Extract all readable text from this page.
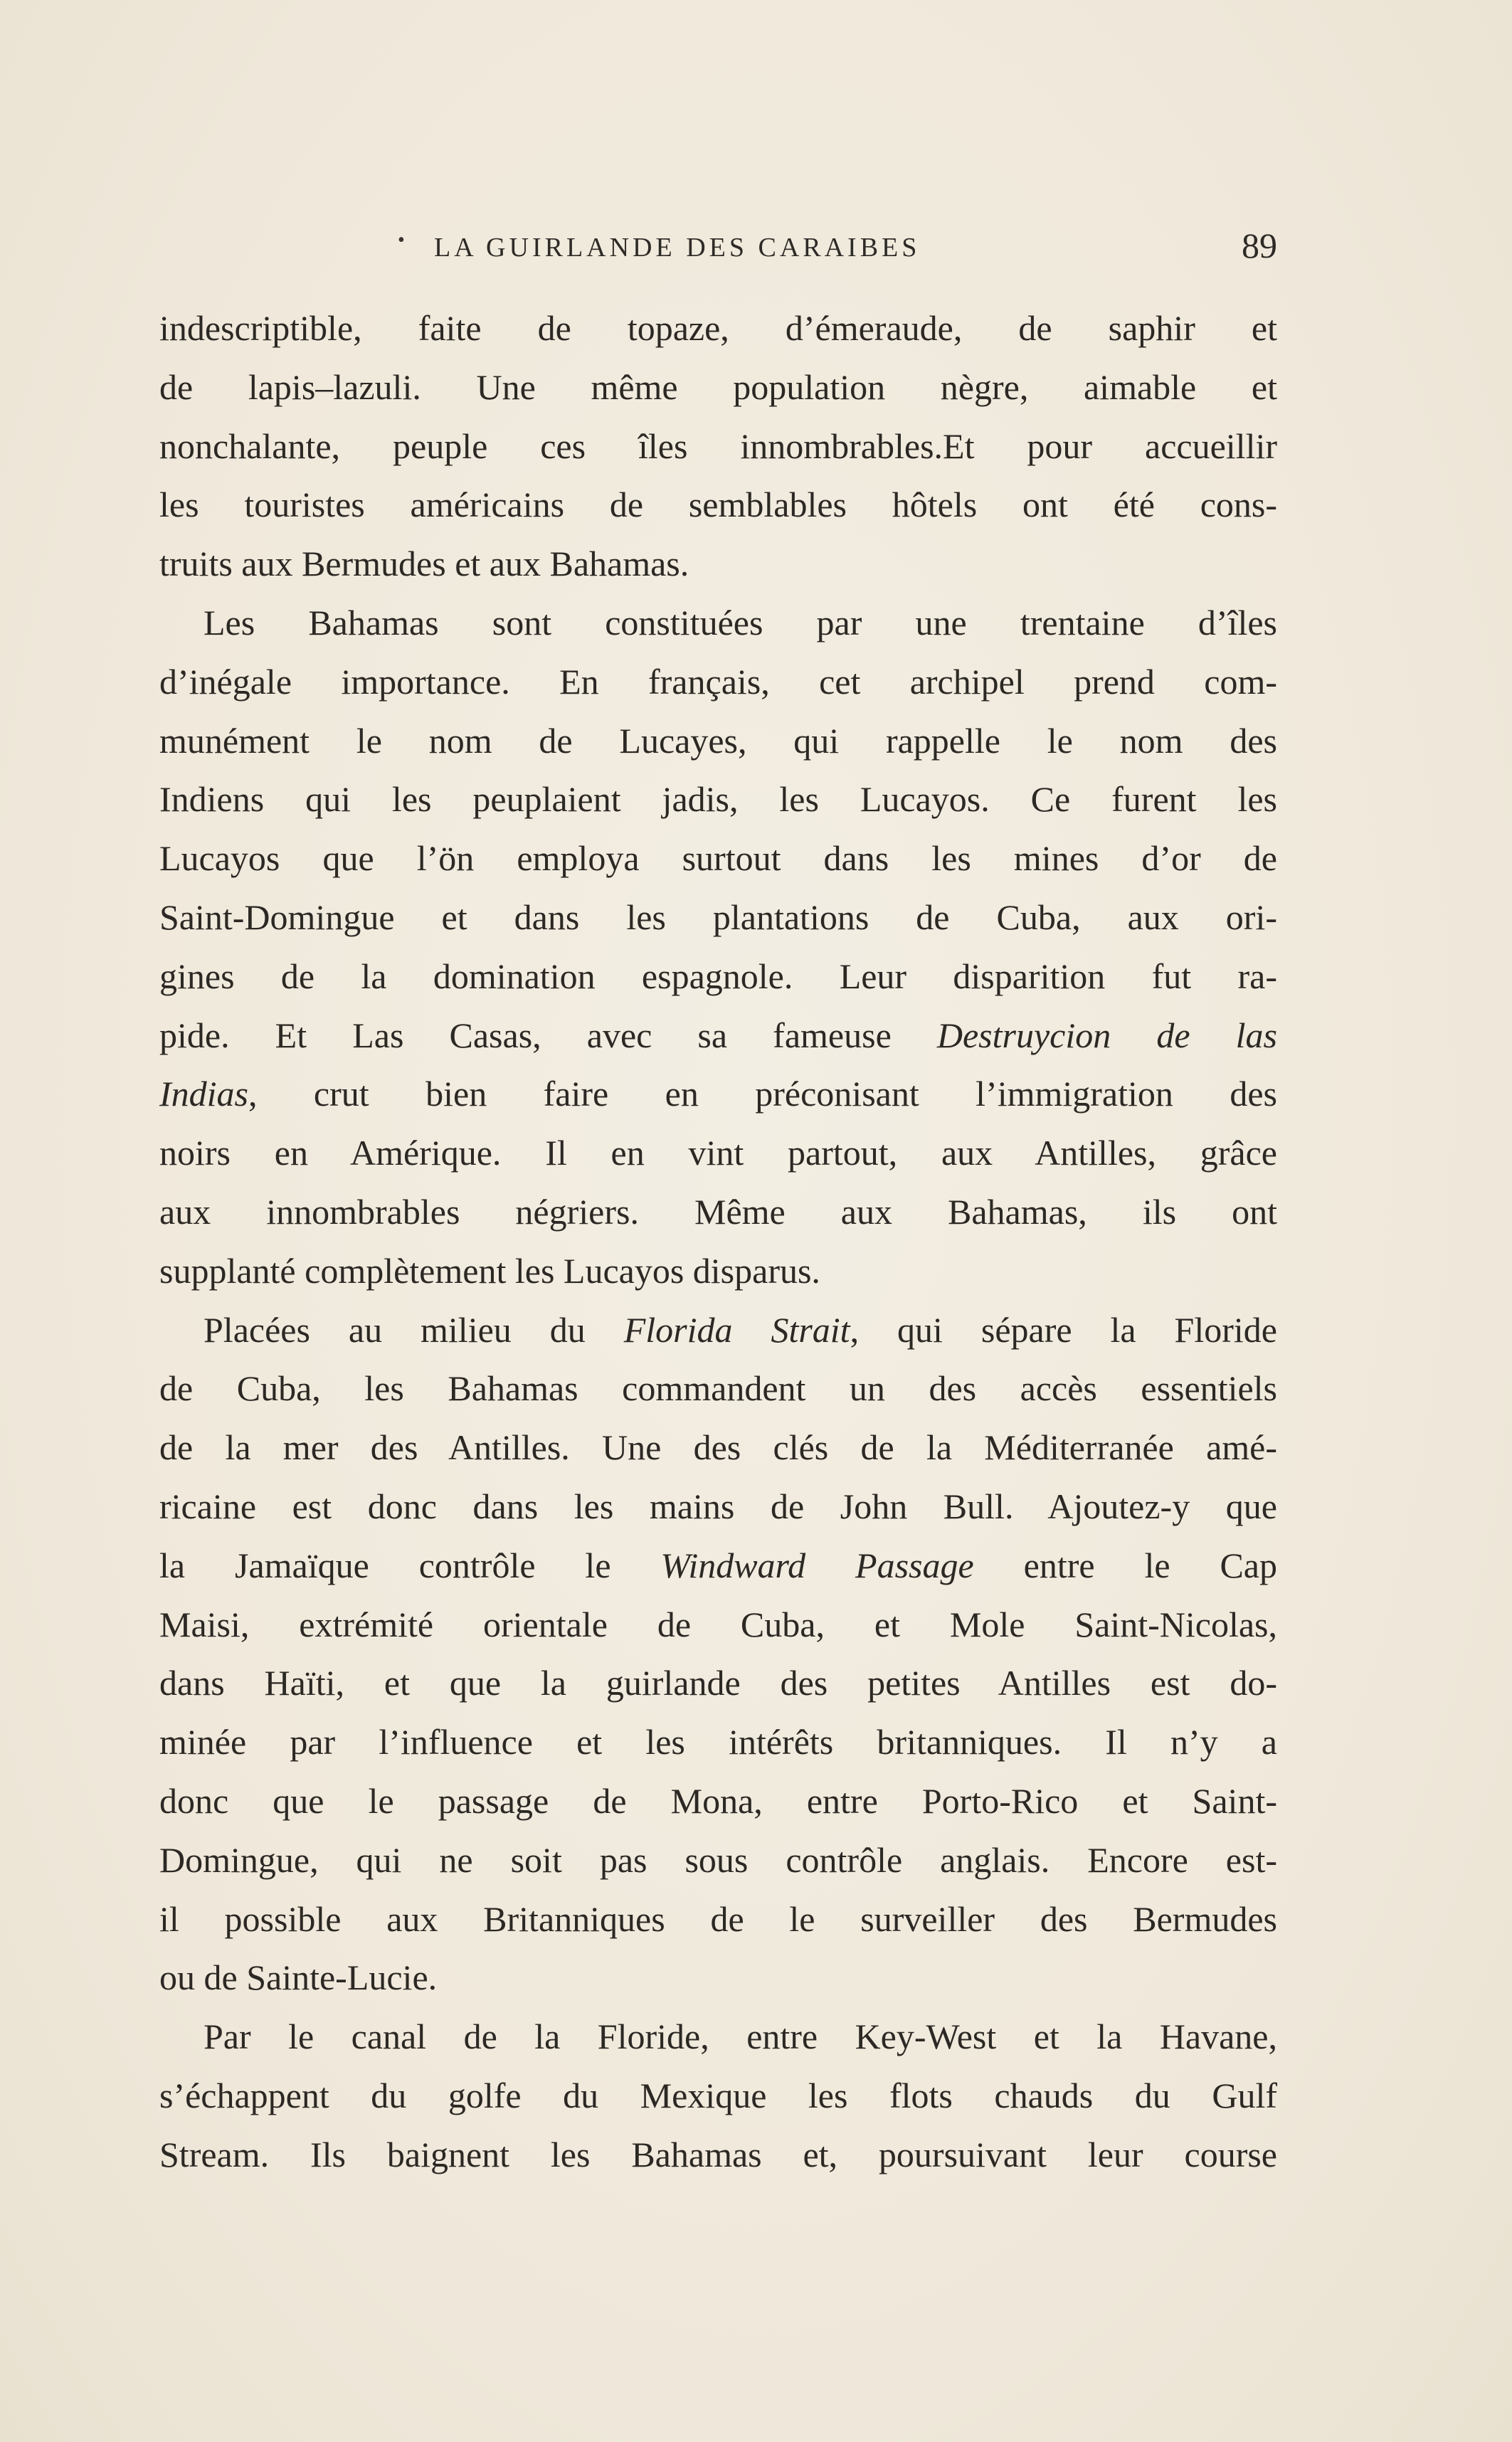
• LA GUIRLANDE DES CARAIBES	89
indescriptible, faite de topaze, d’émeraude, de saphir et
de lapis–lazuli. Une même population nègre, aimable et
nonchalante, peuple ces îles innombrables.Et pour accueillir
les touristes américains de semblables hôtels ont été cons-
truits aux Bermudes et aux Bahamas.
Les Bahamas sont constituées par une trentaine d’îles
d’inégale importance. En français, cet archipel prend com-
munément le nom de Lucayes, qui rappelle le nom des
Indiens qui les peuplaient jadis, les Lucayos. Ce furent les
Lucayos que l’ön employa surtout dans les mines d’or de
Saint-Domingue et dans les plantations de Cuba, aux ori-
gines de la domination espagnole. Leur disparition fut ra-
pide. Et Las Casas, avec sa fameuse Destruycion de las
Indias, crut bien faire en préconisant l’immigration des
noirs en Amérique. Il en vint partout, aux Antilles, grâce
aux innombrables négriers. Même aux Bahamas, ils ont
supplanté complètement les Lucayos disparus.
Placées au milieu du Florida Strait, qui sépare la Floride
de Cuba, les Bahamas commandent un des accès essentiels
de la mer des Antilles. Une des clés de la Méditerranée amé-
ricaine est donc dans les mains de John Bull. Ajoutez-y que
la Jamaïque contrôle le Windward Passage entre le Cap
Maisi, extrémité orientale de Cuba, et Mole Saint-Nicolas,
dans Haïti, et que la guirlande des petites Antilles est do-
minée par l’influence et les intérêts britanniques. Il n’y a
donc que le passage de Mona, entre Porto-Rico et Saint-
Domingue, qui ne soit pas sous contrôle anglais. Encore est-
il possible aux Britanniques de le surveiller des Bermudes
ou de Sainte-Lucie.
Par le canal de la Floride, entre Key-West et la Havane,
s’échappent du golfe du Mexique les flots chauds du Gulf
Stream. Ils baignent les Bahamas et, poursuivant leur course
